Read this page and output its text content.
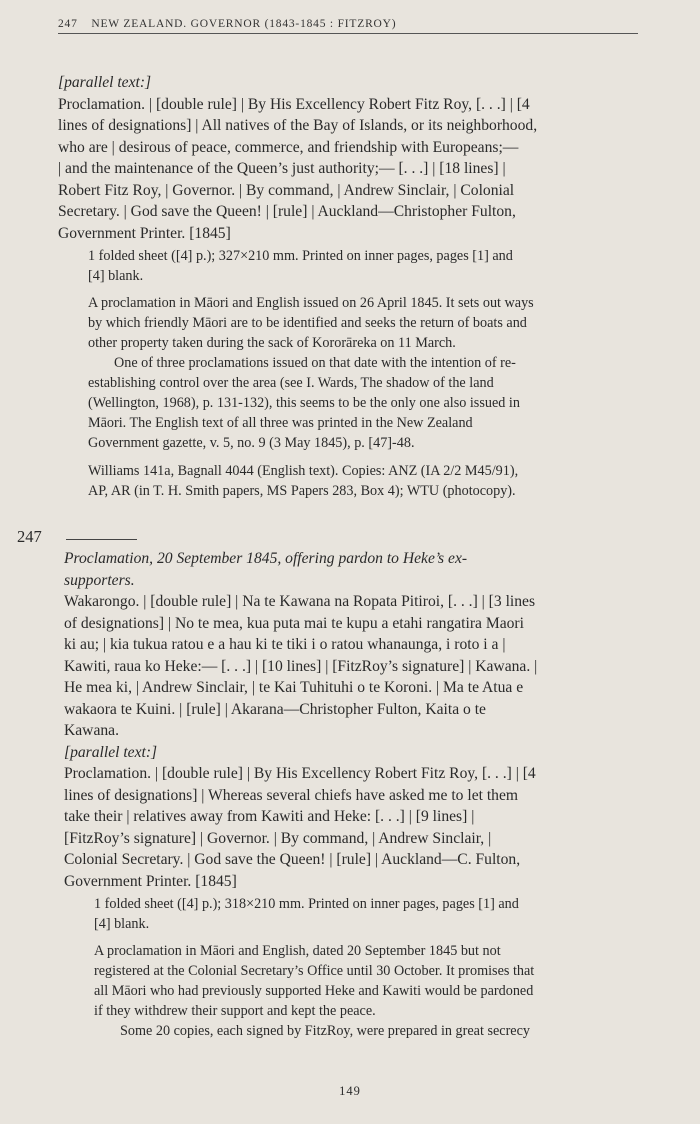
247 NEW ZEALAND. GOVERNOR (1843-1845 : FITZROY)

[parallel text:]

Proclamation. | [double rule] | By His Excellency Robert Fitz Roy, [. . .] | [4

lines of designations] | All natives of the Bay of Islands, or its neighborhood,

who are | desirous of peace, commerce, and friendship with Europeans;—

| and the maintenance of the Queen’s just authority;— [. . .] | [18 lines] |

Robert Fitz Roy, | Governor. | By command, | Andrew Sinclair, | Colonial

Secretary. | God save the Queen! | [rule] | Auckland—Christopher Fulton,

Government Printer. [1845]

1 folded sheet ([4] p.); 327×210 mm. Printed on inner pages, pages [1] and

[4] blank.

A proclamation in Māori and English issued on 26 April 1845. It sets out ways

by which friendly Māori are to be identified and seeks the return of boats and

other property taken during the sack of Kororāreka on 11 March.

One of three proclamations issued on that date with the intention of re-

establishing control over the area (see I. Wards, The shadow of the land

(Wellington, 1968), p. 131-132), this seems to be the only one also issued in

Māori. The English text of all three was printed in the New Zealand

Government gazette, v. 5, no. 9 (3 May 1845), p. [47]-48.

Williams 141a, Bagnall 4044 (English text). Copies: ANZ (IA 2/2 M45/91),

AP, AR (in T. H. Smith papers, MS Papers 283, Box 4); WTU (photocopy).

247

Proclamation, 20 September 1845, offering pardon to Heke’s ex-

supporters.

Wakarongo. | [double rule] | Na te Kawana na Ropata Pitiroi, [. . .] | [3 lines

of designations] | No te mea, kua puta mai te kupu a etahi rangatira Maori

ki au; | kia tukua ratou e a hau ki te tiki i o ratou whanaunga, i roto i a |

Kawiti, raua ko Heke:— [. . .] | [10 lines] | [FitzRoy’s signature] | Kawana. |

He mea ki, | Andrew Sinclair, | te Kai Tuhituhi o te Koroni. | Ma te Atua e

wakaora te Kuini. | [rule] | Akarana—Christopher Fulton, Kaita o te

Kawana.

[parallel text:]

Proclamation. | [double rule] | By His Excellency Robert Fitz Roy, [. . .] | [4

lines of designations] | Whereas several chiefs have asked me to let them

take their | relatives away from Kawiti and Heke: [. . .] | [9 lines] |

[FitzRoy’s signature] | Governor. | By command, | Andrew Sinclair, |

Colonial Secretary. | God save the Queen! | [rule] | Auckland—C. Fulton,

Government Printer. [1845]

1 folded sheet ([4] p.); 318×210 mm. Printed on inner pages, pages [1] and

[4] blank.

A proclamation in Māori and English, dated 20 September 1845 but not

registered at the Colonial Secretary’s Office until 30 October. It promises that

all Māori who had previously supported Heke and Kawiti would be pardoned

if they withdrew their support and kept the peace.

Some 20 copies, each signed by FitzRoy, were prepared in great secrecy

149
